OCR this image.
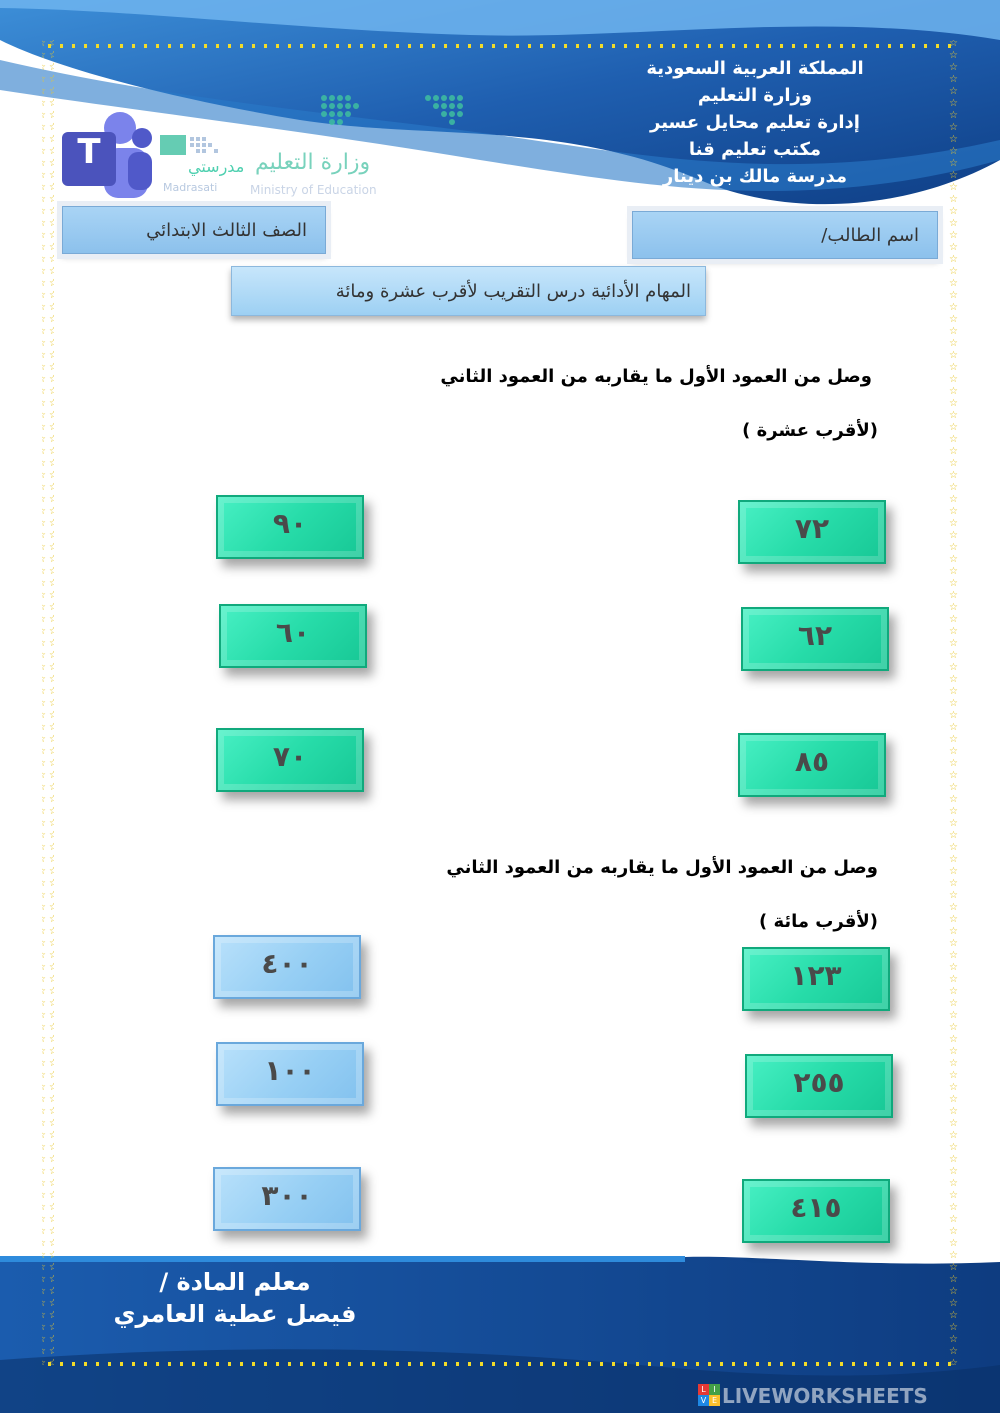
المملكة العربية السعودية
وزارة التعليم
إدارة تعليم محايل عسير
مكتب تعليم قنا
مدرسة مالك بن دينار
وزارة التعليم
Ministry of Education
مدرستي
Madrasati
T
اسم الطالب/
الصف الثالث الابتدائي
المهام الأدائية درس التقريب لأقرب عشرة ومائة
وصل من العمود الأول ما يقاربه من العمود الثاني
(لأقرب عشرة )
٩٠
٦٠
٧٠
٧٢
٦٢
٨٥
وصل من العمود الأول ما يقاربه من العمود الثاني
(لأقرب مائة )
٤٠٠
١٠٠
٣٠٠
١٢٣
٢٥٥
٤١٥
معلم المادة /
فيصل عطية العامري
L I
V E LIVEWORKSHEETS
